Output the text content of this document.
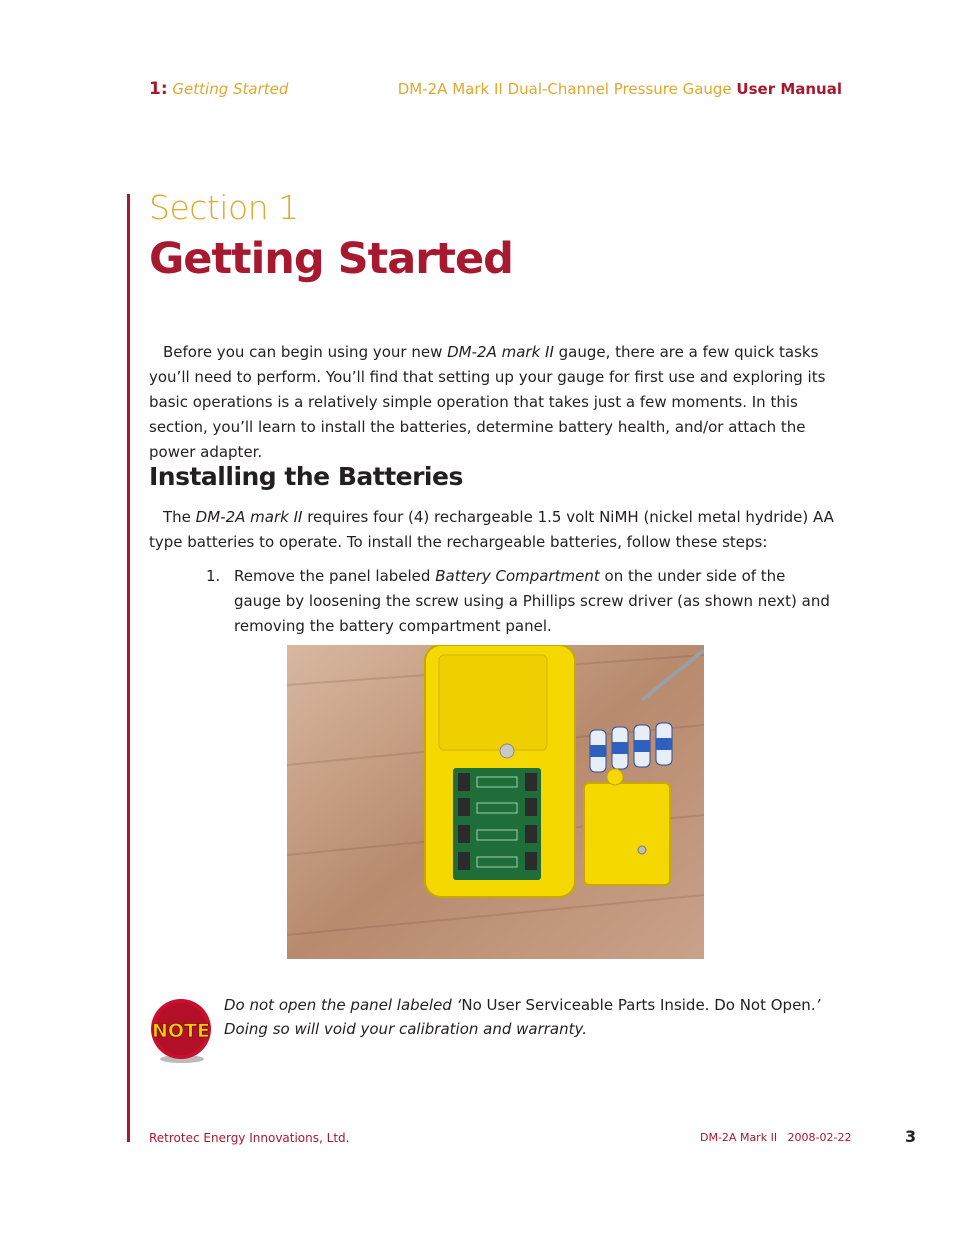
1: Getting Started	DM-2A Mark II Dual-Channel Pressure Gauge User Manual
Section 1
Getting Started

Before you can begin using your new DM-2A mark II gauge, there are a few quick tasks you’ll need to perform. You’ll find that setting up your gauge for first use and exploring its basic operations is a relatively simple operation that takes just a few moments. In this section, you’ll learn to install the batteries, determine battery health, and/or attach the power adapter.

Installing the Batteries

The DM-2A mark II requires four (4) rechargeable 1.5 volt NiMH (nickel metal hydride) AA type batteries to operate. To install the rechargeable batteries, follow these steps:

1. Remove the panel labeled Battery Compartment on the under side of the gauge by loosening the screw using a Phillips screw driver (as shown next) and removing the battery compartment panel.
NOTE
Do not open the panel labeled ‘No User Serviceable Parts Inside. Do Not Open.’ Doing so will void your calibration and warranty.
Retrotec Energy Innovations, Ltd.	DM-2A Mark II   2008-02-22	3
